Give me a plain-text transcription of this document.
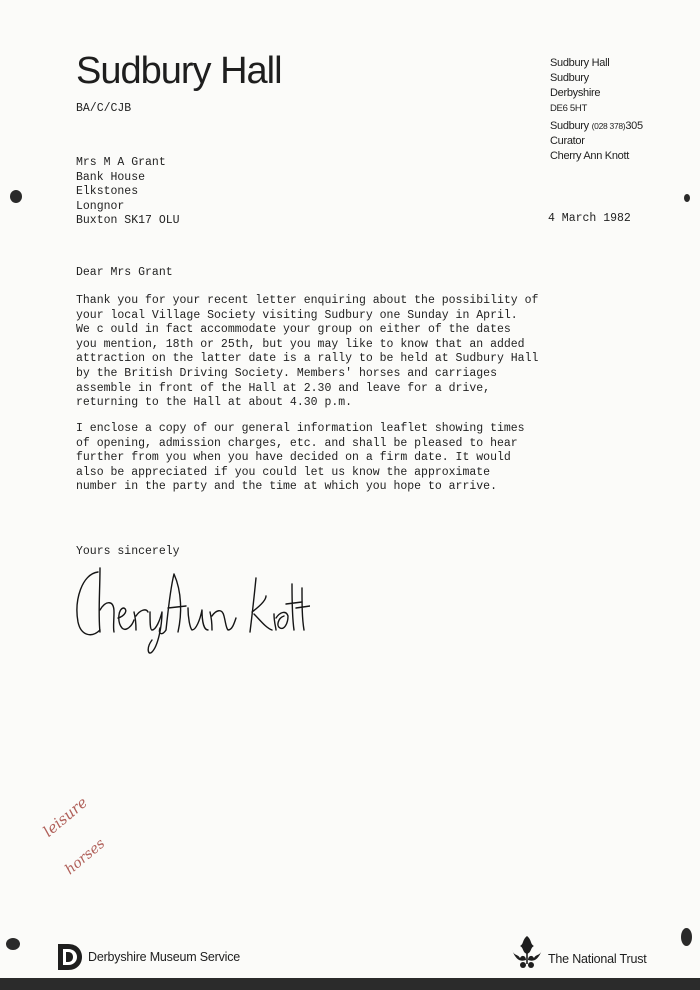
Sudbury Hall
BA/C/CJB
Sudbury Hall
Sudbury
Derbyshire
DE6 5HT
Sudbury (028 378)305
Curator
Cherry Ann Knott
Mrs M A Grant
Bank House
Elkstones
Longnor
Buxton SK17 OLU	4 March 1982
Dear Mrs Grant
Thank you for your recent letter enquiring about the possibility of
your local Village Society visiting Sudbury one Sunday in April.
We c ould in fact accommodate your group on either of the dates
you mention, 18th or 25th, but you may like to know that an added
attraction on the latter date is a rally to be held at Sudbury Hall
by the British Driving Society. Members' horses and carriages
assemble in front of the Hall at 2.30 and leave for a drive,
returning to the Hall at about 4.30 p.m.
I enclose a copy of our general information leaflet showing times
of opening, admission charges, etc. and shall be pleased to hear
further from you when you have decided on a firm date. It would
also be appreciated if you could let us know the approximate
number in the party and the time at which you hope to arrive.
Yours sincerely
leisure
horses
Derbyshire Museum Service	The National Trust
